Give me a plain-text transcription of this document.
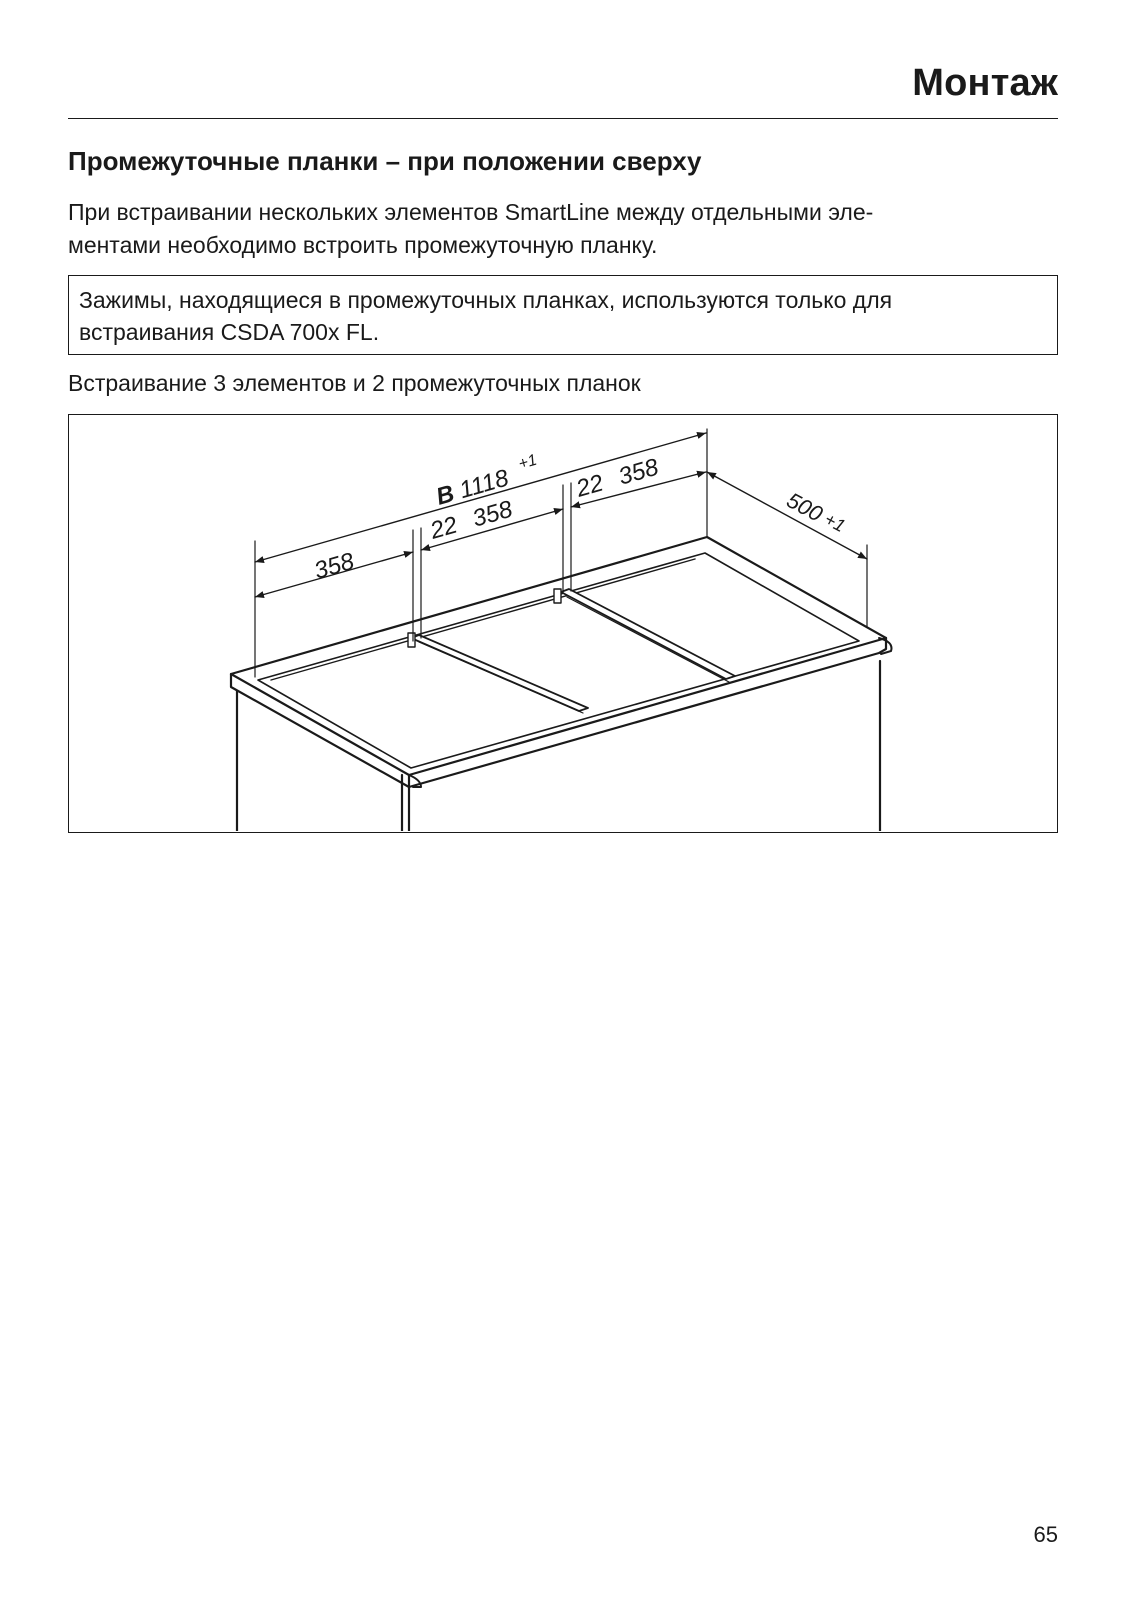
Монтаж
Промежуточные планки – при положении сверху

При встраивании нескольких элементов SmartLine между отдельными эле-
ментами необходимо встроить промежуточную планку.

Зажимы, находящиеся в промежуточных планках, используются только для
встраивания CSDA 700x FL.

Встраивание 3 элементов и 2 промежуточных планок

B
1118
+1
358
22 358
22 358
500
+1

65
